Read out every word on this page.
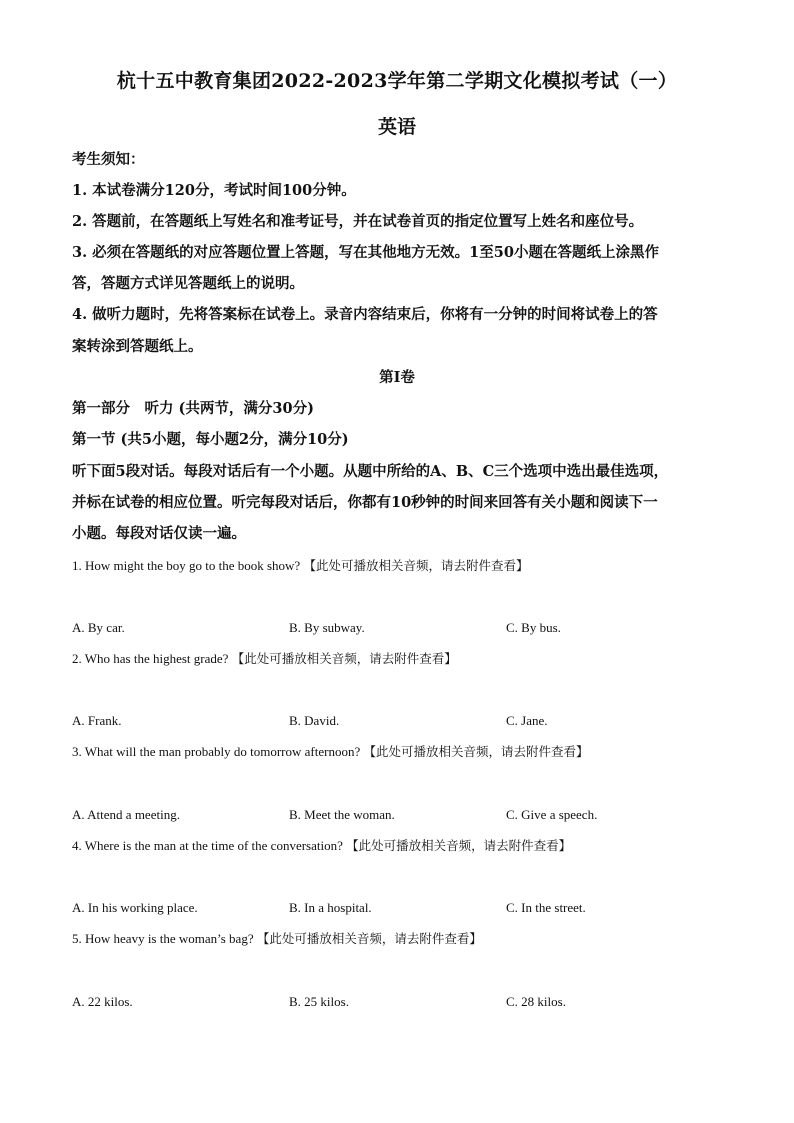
杭十五中教育集团2022-2023学年第二学期文化模拟考试（一）
英语
考生须知：
1. 本试卷满分120分，考试时间100分钟。
2. 答题前，在答题纸上写姓名和准考证号，并在试卷首页的指定位置写上姓名和座位号。
3. 必须在答题纸的对应答题位置上答题，写在其他地方无效。1至50小题在答题纸上涂黑作
答，答题方式详见答题纸上的说明。
4. 做听力题时，先将答案标在试卷上。录音内容结束后，你将有一分钟的时间将试卷上的答
案转涂到答题纸上。
第I卷
第一部分　听力 (共两节，满分30分)
第一节 (共5小题，每小题2分，满分10分)
听下面5段对话。每段对话后有一个小题。从题中所给的A、B、C三个选项中选出最佳选项，
并标在试卷的相应位置。听完每段对话后，你都有10秒钟的时间来回答有关小题和阅读下一
小题。每段对话仅读一遍。
1. How might the boy go to the book show? 【此处可播放相关音频，请去附件查看】
A. By car.	B. By subway.	C. By bus.
2. Who has the highest grade? 【此处可播放相关音频，请去附件查看】
A. Frank.	B. David.	C. Jane.
3. What will the man probably do tomorrow afternoon? 【此处可播放相关音频，请去附件查看】
A. Attend a meeting.	B. Meet the woman.	C. Give a speech.
4. Where is the man at the time of the conversation? 【此处可播放相关音频，请去附件查看】
A. In his working place.	B. In a hospital.	C. In the street.
5. How heavy is the woman’s bag? 【此处可播放相关音频，请去附件查看】
A. 22 kilos.	B. 25 kilos.	C. 28 kilos.
